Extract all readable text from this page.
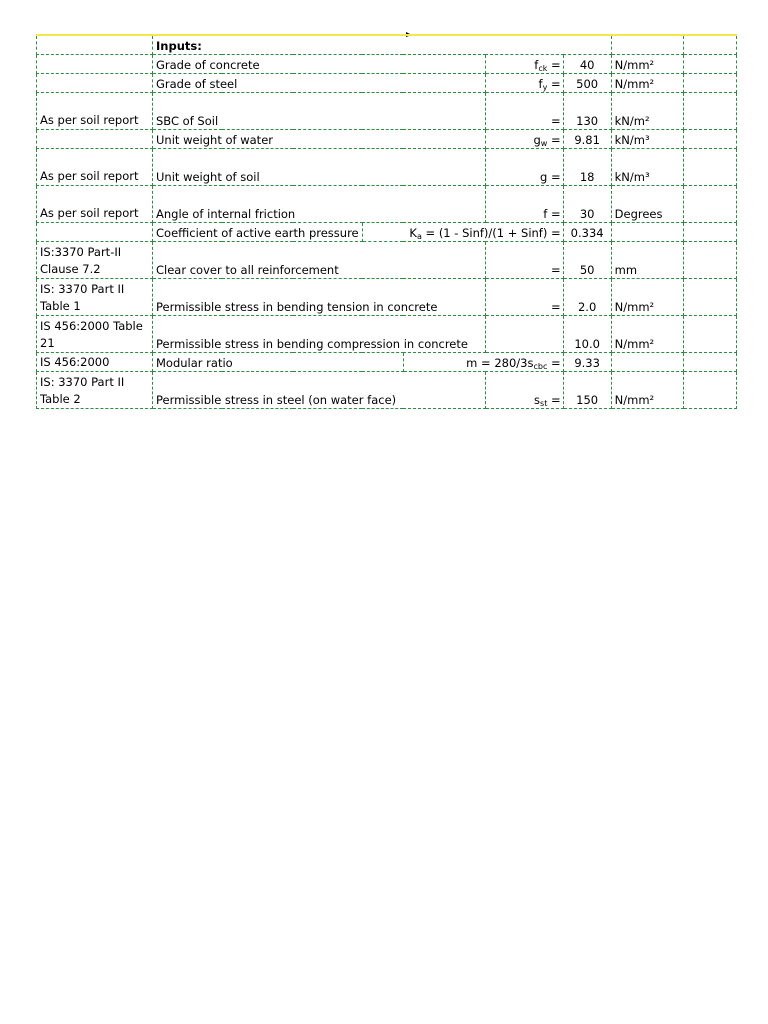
	Inputs:						
	Grade of concrete			$f_{ck}$ =	40	N/mm²	
	Grade of steel			$f_y$ =	500	N/mm²	
As per soil report	SBC of Soil			=	130	kN/m²	
	Unit weight of water			$g_w$ =	9.81	kN/m³	
As per soil report	Unit weight of soil			g =	18	kN/m³	
As per soil report	Angle of internal friction			f =	30	Degrees	
	Coefficient of active earth pressure	$K_a = (1$ - Sinf)/(1 + Sinf) =			0.334		
IS:3370 Part-II Clause 7.2	Clear cover to all reinforcement			=	50	mm	
IS: 3370 Part II Table 1	Permissible stress in bending tension in concrete			=	2.0	N/mm²	
IS 456:2000 Table 21	Permissible stress in bending compression in concrete				10.0	N/mm²	
IS 456:2000	Modular ratio		$m = 280/3s_{cbc}$ =		9.33		
IS: 3370 Part II Table 2	Permissible stress in steel (on water face)			$s_{st}$ =	150	N/mm²	
